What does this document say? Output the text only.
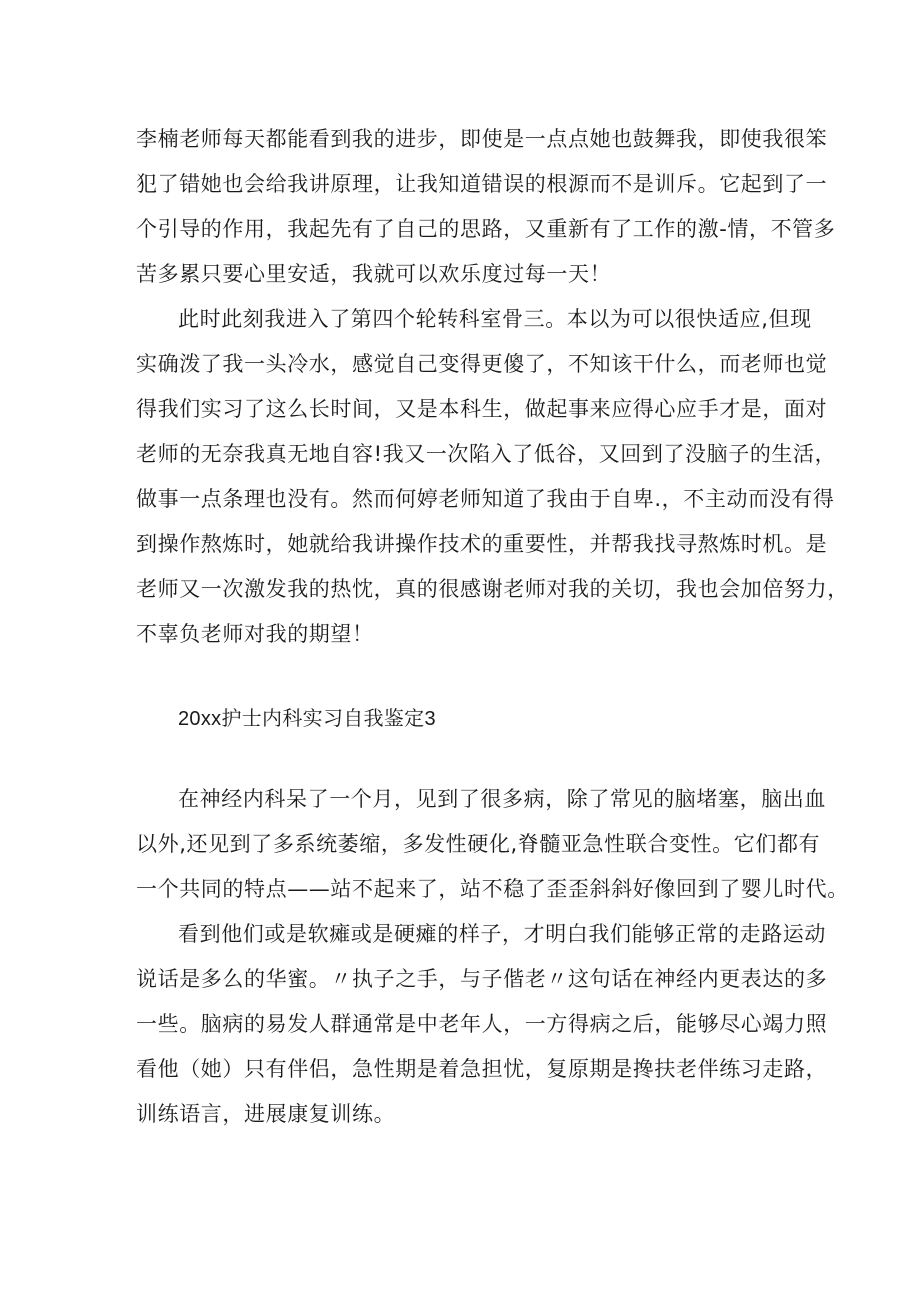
李楠老师每天都能看到我的进步，即使是一点点她也鼓舞我，即使我很笨
犯了错她也会给我讲原理，让我知道错误的根源而不是训斥。它起到了一
个引导的作用，我起先有了自己的思路，又重新有了工作的激-情，不管多
苦多累只要心里安适，我就可以欢乐度过每一天！
此时此刻我进入了第四个轮转科室骨三。本以为可以很快适应,但现
实确泼了我一头冷水，感觉自己变得更傻了，不知该干什么，而老师也觉
得我们实习了这么长时间，又是本科生，做起事来应得心应手才是，面对
老师的无奈我真无地自容!我又一次陷入了低谷，又回到了没脑子的生活，
做事一点条理也没有。然而何婷老师知道了我由于自卑.，不主动而没有得
到操作熬炼时，她就给我讲操作技术的重要性，并帮我找寻熬炼时机。是
老师又一次激发我的热忱，真的很感谢老师对我的关切，我也会加倍努力，
不辜负老师对我的期望！
20xx护士内科实习自我鉴定3
在神经内科呆了一个月，见到了很多病，除了常见的脑堵塞，脑出血
以外,还见到了多系统萎缩，多发性硬化,脊髓亚急性联合变性。它们都有
一个共同的特点——站不起来了，站不稳了歪歪斜斜好像回到了婴儿时代。
看到他们或是软瘫或是硬瘫的样子，才明白我们能够正常的走路运动
说话是多么的华蜜。〃执子之手，与子偕老〃这句话在神经内更表达的多
一些。脑病的易发人群通常是中老年人，一方得病之后，能够尽心竭力照
看他（她）只有伴侣，急性期是着急担忧，复原期是搀扶老伴练习走路，
训练语言，进展康复训练。
